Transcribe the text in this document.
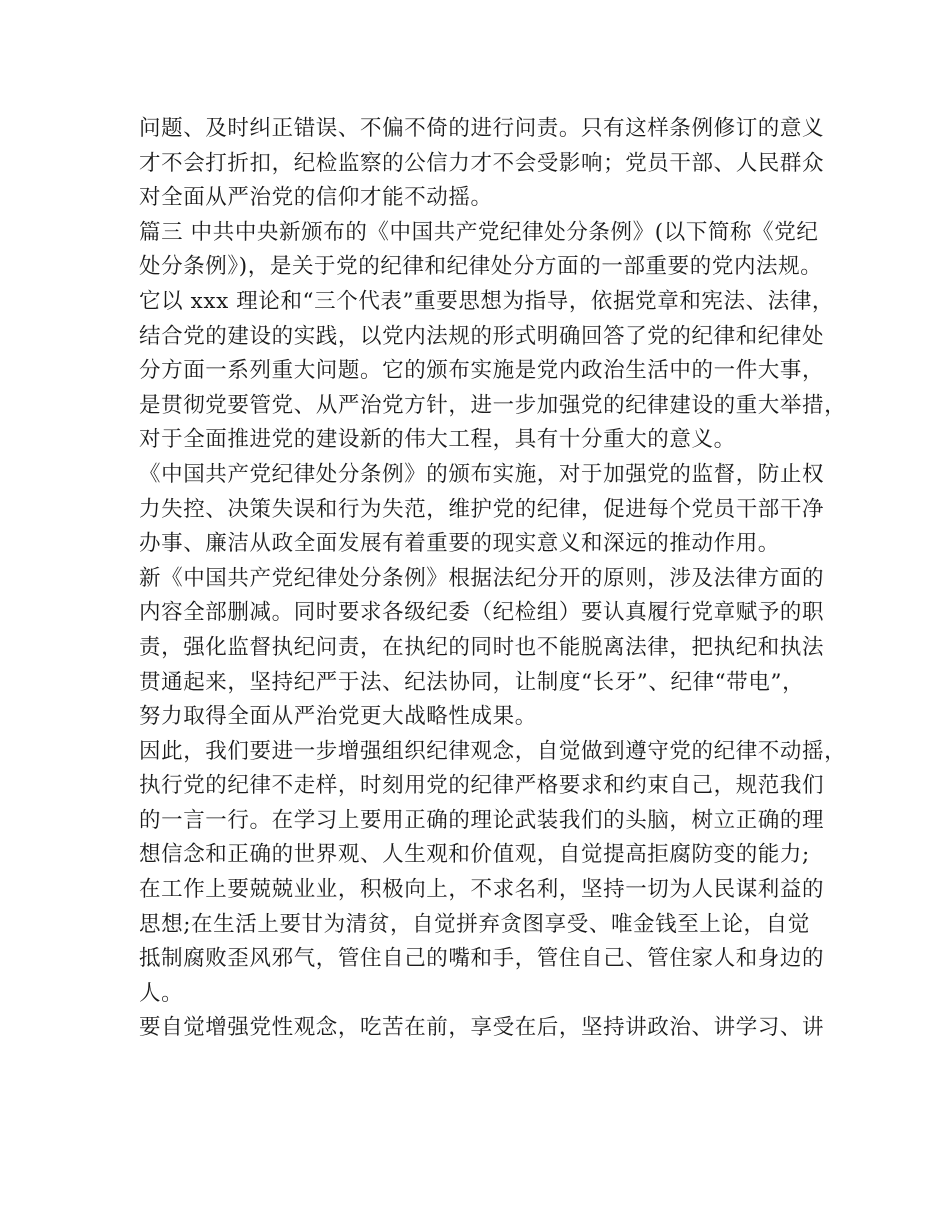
问题、及时纠正错误、不偏不倚的进行问责。只有这样条例修订的意义
才不会打折扣，纪检监察的公信力才不会受影响；党员干部、人民群众
对全面从严治党的信仰才能不动摇。
篇三 中共中央新颁布的《中国共产党纪律处分条例》(以下简称《党纪
处分条例》)，是关于党的纪律和纪律处分方面的一部重要的党内法规。
它以 xxx 理论和“三个代表”重要思想为指导，依据党章和宪法、法律，
结合党的建设的实践，以党内法规的形式明确回答了党的纪律和纪律处
分方面一系列重大问题。它的颁布实施是党内政治生活中的一件大事，
是贯彻党要管党、从严治党方针，进一步加强党的纪律建设的重大举措，
对于全面推进党的建设新的伟大工程，具有十分重大的意义。
《中国共产党纪律处分条例》的颁布实施，对于加强党的监督，防止权
力失控、决策失误和行为失范，维护党的纪律，促进每个党员干部干净
办事、廉洁从政全面发展有着重要的现实意义和深远的推动作用。
新《中国共产党纪律处分条例》根据法纪分开的原则，涉及法律方面的
内容全部删减。同时要求各级纪委（纪检组）要认真履行党章赋予的职
责，强化监督执纪问责，在执纪的同时也不能脱离法律，把执纪和执法
贯通起来，坚持纪严于法、纪法协同，让制度“长牙”、纪律“带电”，
努力取得全面从严治党更大战略性成果。
因此，我们要进一步增强组织纪律观念，自觉做到遵守党的纪律不动摇，
执行党的纪律不走样，时刻用党的纪律严格要求和约束自己，规范我们
的一言一行。在学习上要用正确的理论武装我们的头脑，树立正确的理
想信念和正确的世界观、人生观和价值观，自觉提高拒腐防变的能力;
在工作上要兢兢业业，积极向上，不求名利，坚持一切为人民谋利益的
思想;在生活上要甘为清贫，自觉拼弃贪图享受、唯金钱至上论，自觉
抵制腐败歪风邪气，管住自己的嘴和手，管住自己、管住家人和身边的
人。
要自觉增强党性观念，吃苦在前，享受在后，坚持讲政治、讲学习、讲
